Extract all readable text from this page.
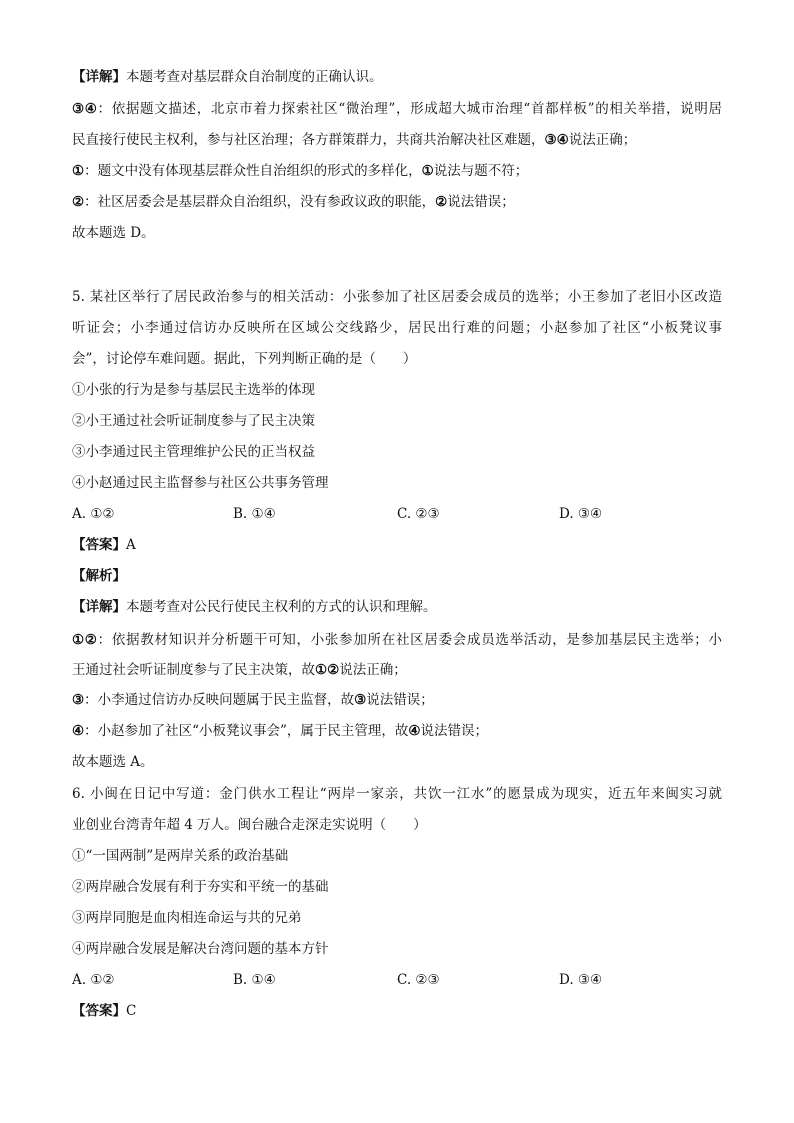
【详解】本题考查对基层群众自治制度的正确认识。
③④：依据题文描述，北京市着力探索社区“微治理”，形成超大城市治理“首都样板”的相关举措，说明居
民直接行使民主权利，参与社区治理；各方群策群力，共商共治解决社区难题，③④说法正确；
①：题文中没有体现基层群众性自治组织的形式的多样化，①说法与题不符；
②：社区居委会是基层群众自治组织，没有参政议政的职能，②说法错误；
故本题选 D。
5. 某社区举行了居民政治参与的相关活动：小张参加了社区居委会成员的选举；小王参加了老旧小区改造
听证会；小李通过信访办反映所在区域公交线路少，居民出行难的问题；小赵参加了社区“小板凳议事
会”，讨论停车难问题。据此，下列判断正确的是（　　）
①小张的行为是参与基层民主选举的体现
②小王通过社会听证制度参与了民主决策
③小李通过民主管理维护公民的正当权益
④小赵通过民主监督参与社区公共事务管理
A. ①②	B. ①④	C. ②③	D. ③④
【答案】A
【解析】
【详解】本题考查对公民行使民主权利的方式的认识和理解。
①②：依据教材知识并分析题干可知，小张参加所在社区居委会成员选举活动，是参加基层民主选举；小
王通过社会听证制度参与了民主决策，故①②说法正确；
③：小李通过信访办反映问题属于民主监督，故③说法错误；
④：小赵参加了社区“小板凳议事会”，属于民主管理，故④说法错误；
故本题选 A。
6. 小闽在日记中写道：金门供水工程让“两岸一家亲，共饮一江水”的愿景成为现实，近五年来闽实习就
业创业台湾青年超 4 万人。闽台融合走深走实说明（　　）
①“一国两制”是两岸关系的政治基础
②两岸融合发展有利于夯实和平统一的基础
③两岸同胞是血肉相连命运与共的兄弟
④两岸融合发展是解决台湾问题的基本方针
A. ①②	B. ①④	C. ②③	D. ③④
【答案】C
